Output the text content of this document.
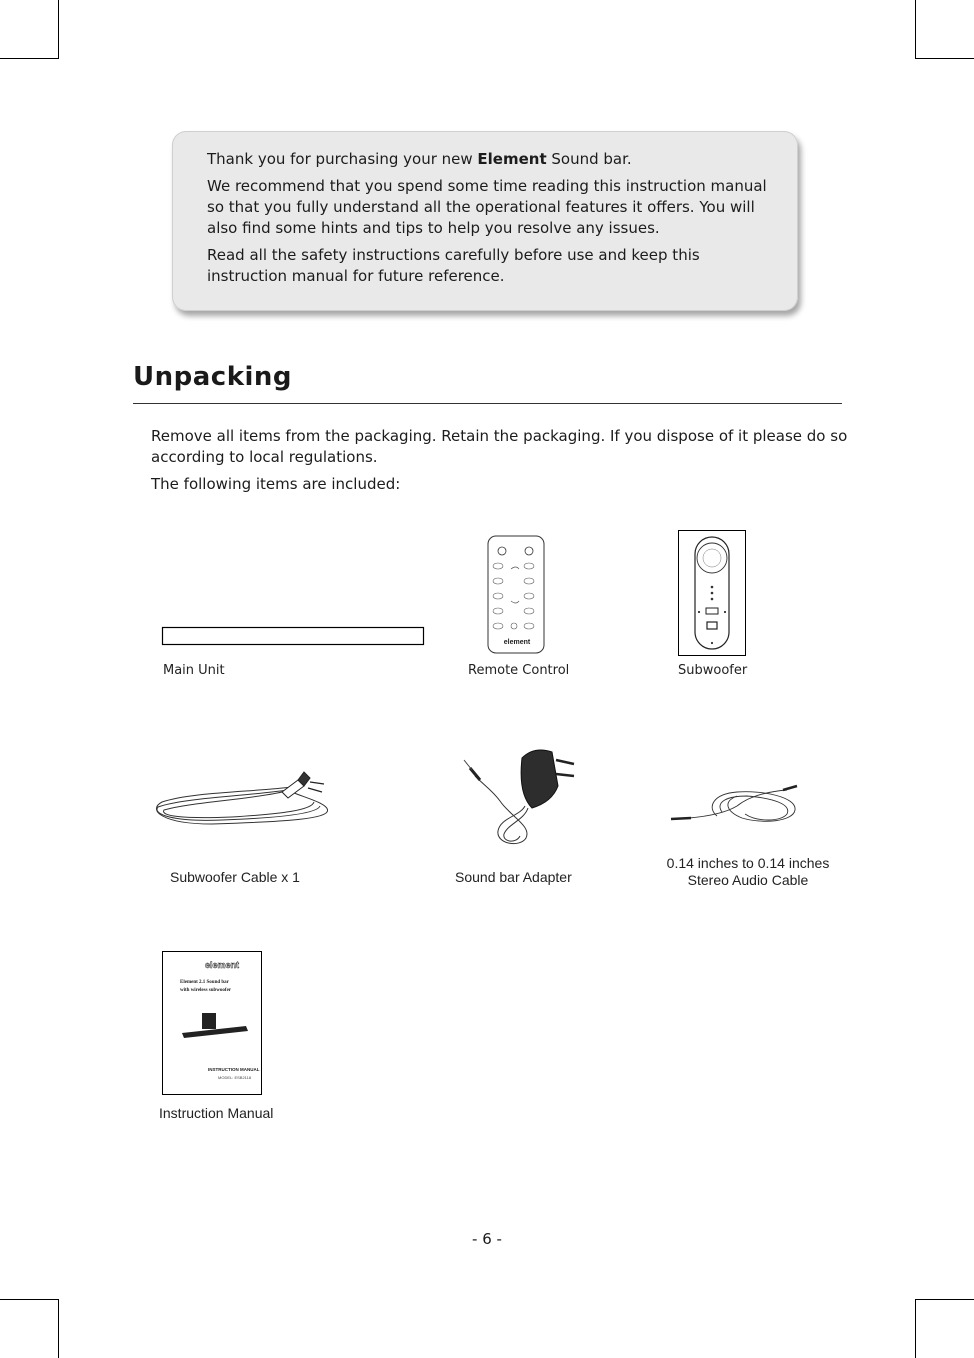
Thank you for purchasing your new Element Sound bar.

We recommend that you spend some time reading this instruction manual

so that you fully understand all the operational features it offers. You will

also find some hints and tips to help you resolve any issues.

Read all the safety instructions carefully before use and keep this

instruction manual for future reference.

Unpacking

Remove all items from the packaging. Retain the packaging. If you dispose of it please do so

according to local regulations.

The following items are included:

Main Unit
element
Remote Control	Subwoofer
Subwoofer Cable x 1	Sound bar Adapter
0.14 inches to 0.14 inches
Stereo Audio Cable
element
Element 2.1 Sound bar
with wireless subwoofer
INSTRUCTION MANUAL
MODEL: ESB2118
Instruction Manual
- 6 -
